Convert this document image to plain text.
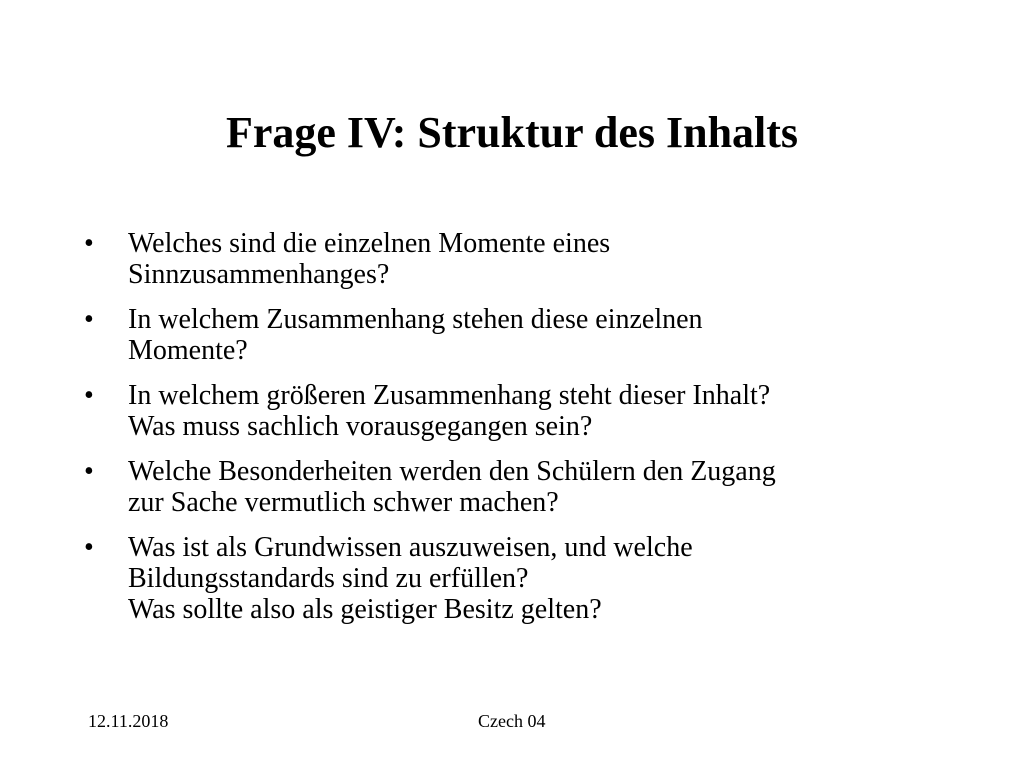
Frage IV: Struktur des Inhalts
•	Welches sind die einzelnen Momente eines
Sinnzusammenhanges?
•	In welchem Zusammenhang stehen diese einzelnen
Momente?
•	In welchem größeren Zusammenhang steht dieser Inhalt?
Was muss sachlich vorausgegangen sein?
•	Welche Besonderheiten werden den Schülern den Zugang
zur Sache vermutlich schwer machen?
•	Was ist als Grundwissen auszuweisen, und welche
Bildungsstandards sind zu erfüllen?
Was sollte also als geistiger Besitz gelten?
12.11.2018	Czech 04
